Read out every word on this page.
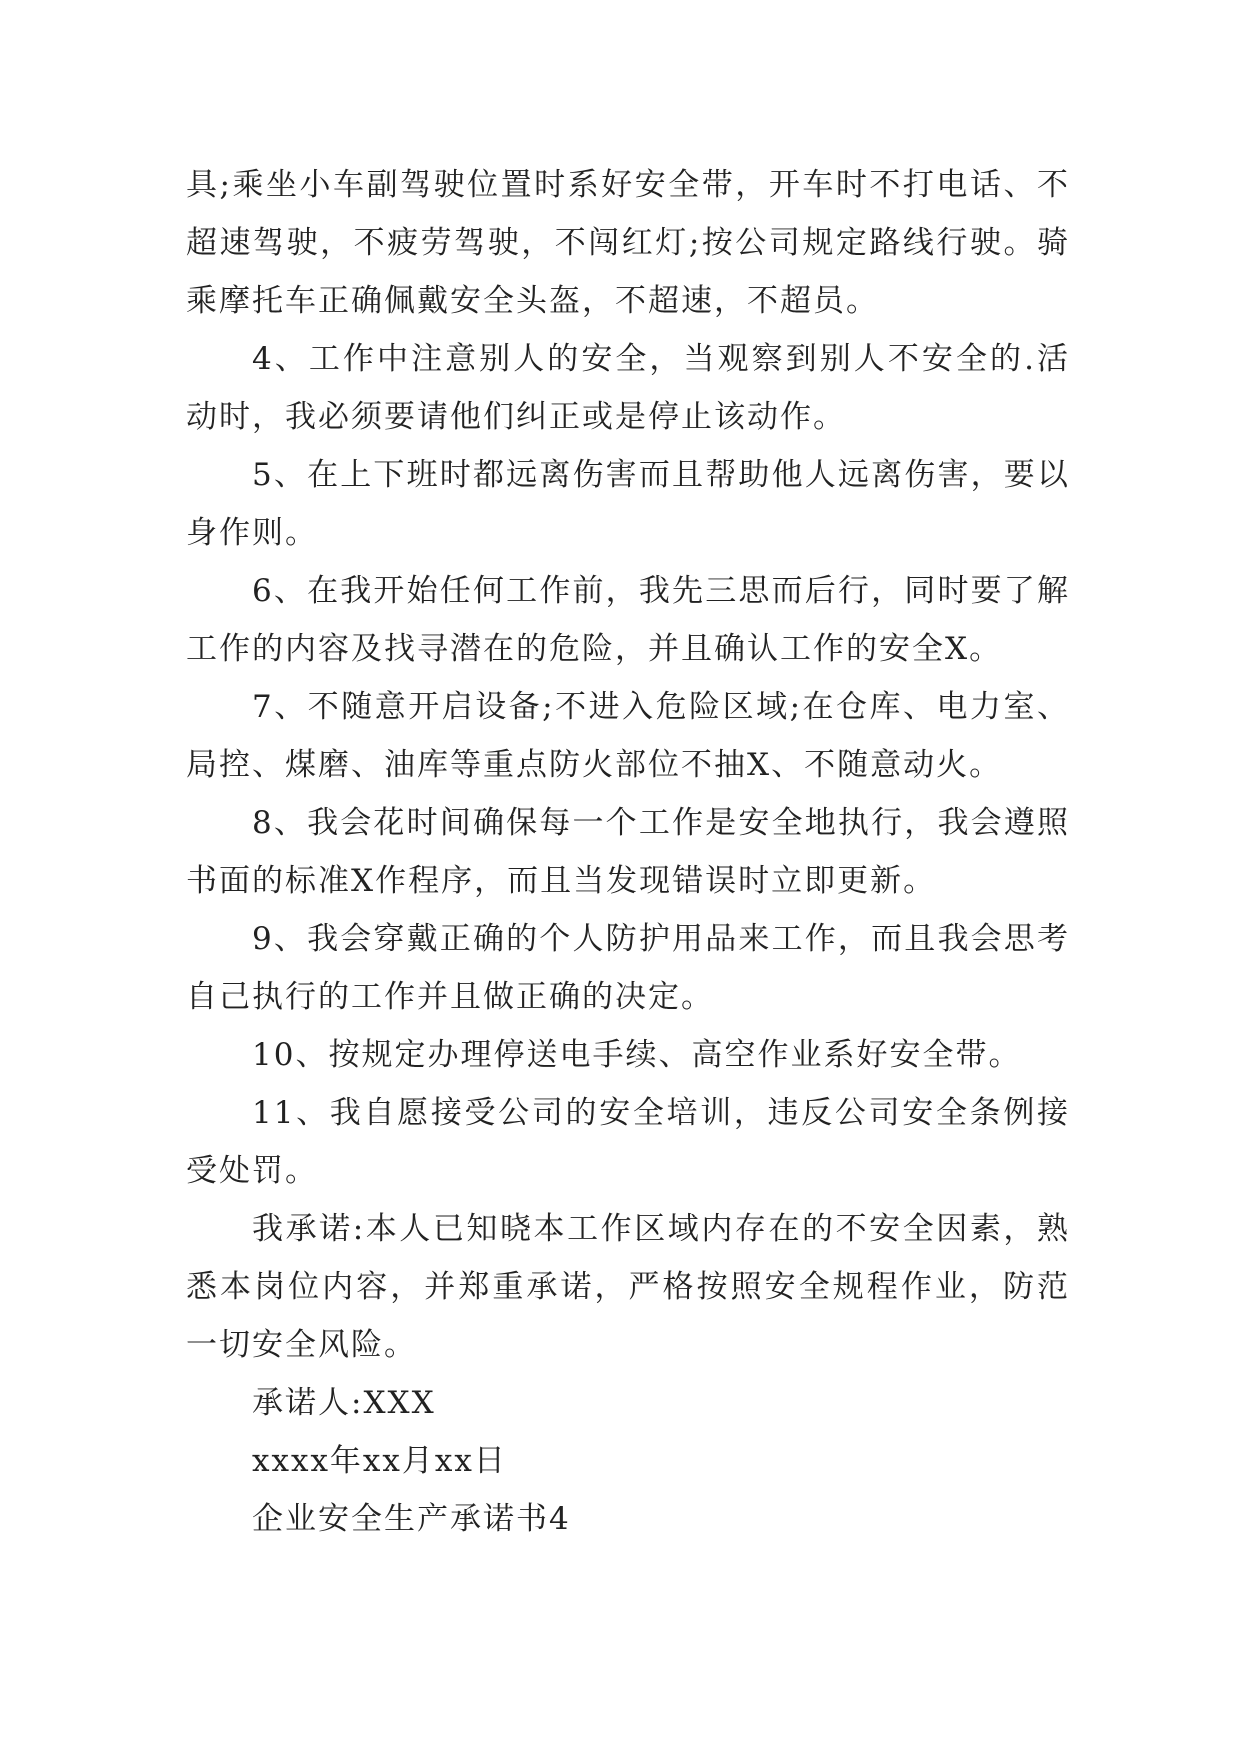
具;乘坐小车副驾驶位置时系好安全带，开车时不打电话、不超速驾驶，不疲劳驾驶，不闯红灯;按公司规定路线行驶。骑乘摩托车正确佩戴安全头盔，不超速，不超员。

4、工作中注意别人的安全，当观察到别人不安全的.活动时，我必须要请他们纠正或是停止该动作。

5、在上下班时都远离伤害而且帮助他人远离伤害，要以身作则。

6、在我开始任何工作前，我先三思而后行，同时要了解工作的内容及找寻潜在的危险，并且确认工作的安全X。

7、不随意开启设备;不进入危险区域;在仓库、电力室、局控、煤磨、油库等重点防火部位不抽X、不随意动火。

8、我会花时间确保每一个工作是安全地执行，我会遵照书面的标准X作程序，而且当发现错误时立即更新。

9、我会穿戴正确的个人防护用品来工作，而且我会思考自己执行的工作并且做正确的决定。

10、按规定办理停送电手续、高空作业系好安全带。

11、我自愿接受公司的安全培训，违反公司安全条例接受处罚。

我承诺:本人已知晓本工作区域内存在的不安全因素，熟悉本岗位内容，并郑重承诺，严格按照安全规程作业，防范一切安全风险。

承诺人:XXX

xxxx年xx月xx日

企业安全生产承诺书4
